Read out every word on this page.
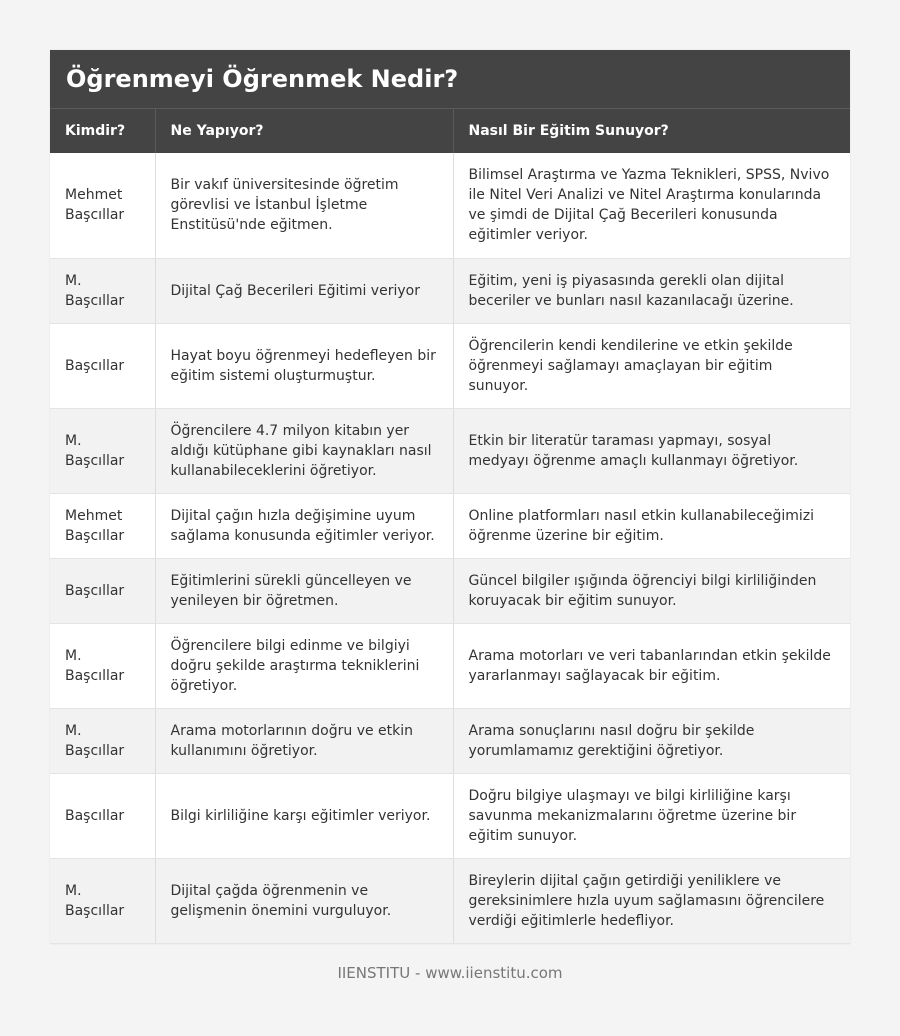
Öğrenmeyi Öğrenmek Nedir?
Kimdir?	Ne Yapıyor?	Nasıl Bir Eğitim Sunuyor?
Mehmet Başcıllar	Bir vakıf üniversitesinde öğretim görevlisi ve İstanbul İşletme Enstitüsü'nde eğitmen.	Bilimsel Araştırma ve Yazma Teknikleri, SPSS, Nvivo ile Nitel Veri Analizi ve Nitel Araştırma konularında ve şimdi de Dijital Çağ Becerileri konusunda eğitimler veriyor.
M. Başcıllar	Dijital Çağ Becerileri Eğitimi veriyor	Eğitim, yeni iş piyasasında gerekli olan dijital beceriler ve bunları nasıl kazanılacağı üzerine.
Başcıllar	Hayat boyu öğrenmeyi hedefleyen bir eğitim sistemi oluşturmuştur.	Öğrencilerin kendi kendilerine ve etkin şekilde öğrenmeyi sağlamayı amaçlayan bir eğitim sunuyor.
M. Başcıllar	Öğrencilere 4.7 milyon kitabın yer aldığı kütüphane gibi kaynakları nasıl kullanabileceklerini öğretiyor.	Etkin bir literatür taraması yapmayı, sosyal medyayı öğrenme amaçlı kullanmayı öğretiyor.
Mehmet Başcıllar	Dijital çağın hızla değişimine uyum sağlama konusunda eğitimler veriyor.	Online platformları nasıl etkin kullanabileceğimizi öğrenme üzerine bir eğitim.
Başcıllar	Eğitimlerini sürekli güncelleyen ve yenileyen bir öğretmen.	Güncel bilgiler ışığında öğrenciyi bilgi kirliliğinden koruyacak bir eğitim sunuyor.
M. Başcıllar	Öğrencilere bilgi edinme ve bilgiyi doğru şekilde araştırma tekniklerini öğretiyor.	Arama motorları ve veri tabanlarından etkin şekilde yararlanmayı sağlayacak bir eğitim.
M. Başcıllar	Arama motorlarının doğru ve etkin kullanımını öğretiyor.	Arama sonuçlarını nasıl doğru bir şekilde yorumlamamız gerektiğini öğretiyor.
Başcıllar	Bilgi kirliliğine karşı eğitimler veriyor.	Doğru bilgiye ulaşmayı ve bilgi kirliliğine karşı savunma mekanizmalarını öğretme üzerine bir eğitim sunuyor.
M. Başcıllar	Dijital çağda öğrenmenin ve gelişmenin önemini vurguluyor.	Bireylerin dijital çağın getirdiği yeniliklere ve gereksinimlere hızla uyum sağlamasını öğrencilere verdiği eğitimlerle hedefliyor.
IIENSTITU - www.iienstitu.com
